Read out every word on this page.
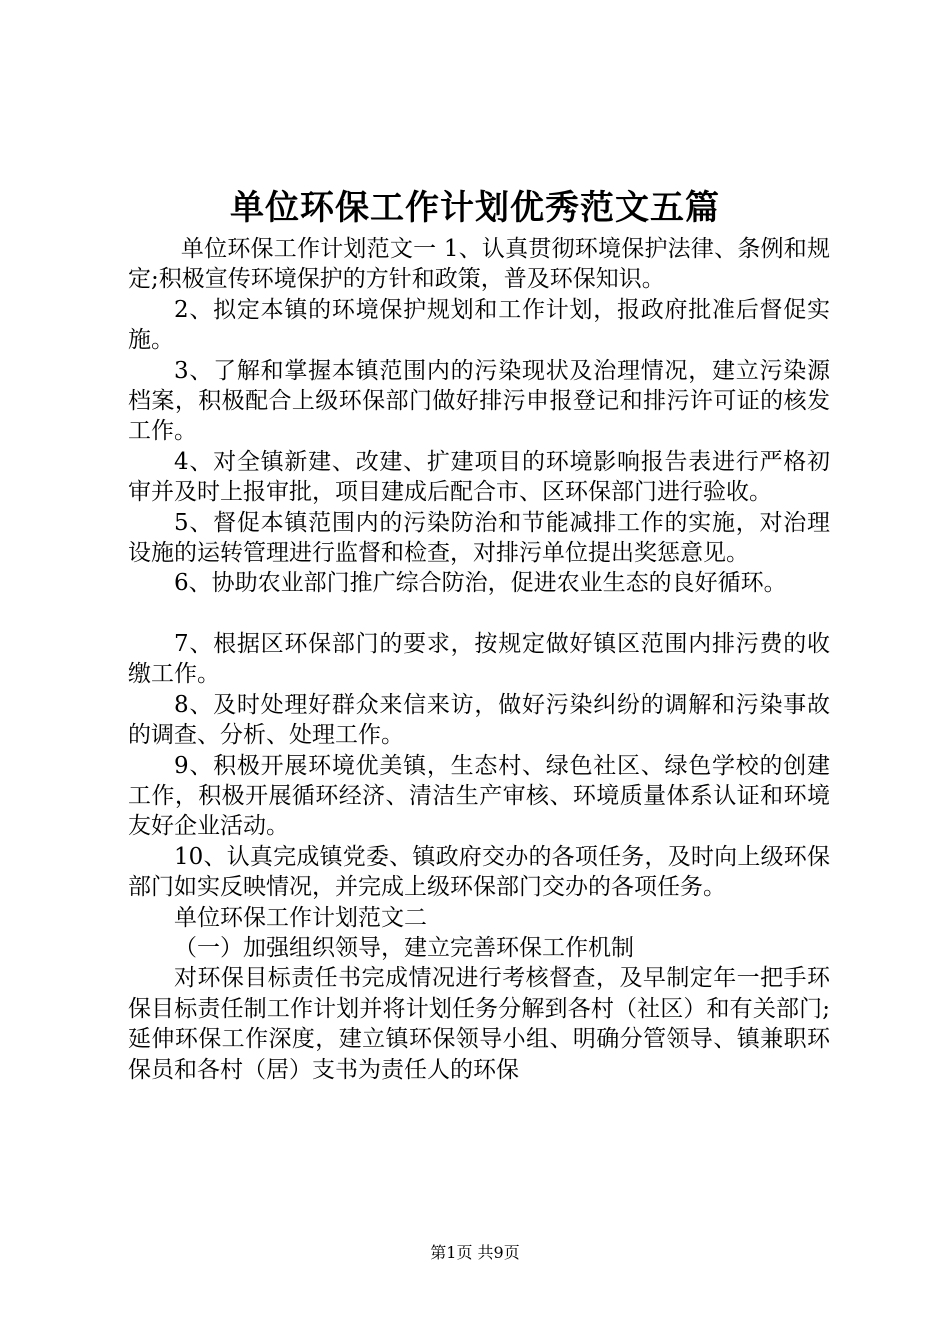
单位环保工作计划优秀范文五篇

单位环保工作计划范文一 1、认真贯彻环境保护法律、条例和规定;积极宣传环境保护的方针和政策，普及环保知识。

2、拟定本镇的环境保护规划和工作计划，报政府批准后督促实施。

3、了解和掌握本镇范围内的污染现状及治理情况，建立污染源档案，积极配合上级环保部门做好排污申报登记和排污许可证的核发工作。

4、对全镇新建、改建、扩建项目的环境影响报告表进行严格初审并及时上报审批，项目建成后配合市、区环保部门进行验收。

5、督促本镇范围内的污染防治和节能减排工作的实施，对治理设施的运转管理进行监督和检查，对排污单位提出奖惩意见。

6、协助农业部门推广综合防治，促进农业生态的良好循环。

7、根据区环保部门的要求，按规定做好镇区范围内排污费的收缴工作。

8、及时处理好群众来信来访，做好污染纠纷的调解和污染事故的调查、分析、处理工作。

9、积极开展环境优美镇，生态村、绿色社区、绿色学校的创建工作，积极开展循环经济、清洁生产审核、环境质量体系认证和环境友好企业活动。

10、认真完成镇党委、镇政府交办的各项任务，及时向上级环保部门如实反映情况，并完成上级环保部门交办的各项任务。

单位环保工作计划范文二

（一）加强组织领导，建立完善环保工作机制

对环保目标责任书完成情况进行考核督查，及早制定年一把手环保目标责任制工作计划并将计划任务分解到各村（社区）和有关部门;延伸环保工作深度，建立镇环保领导小组、明确分管领导、镇兼职环保员和各村（居）支书为责任人的环保

第1页 共9页
